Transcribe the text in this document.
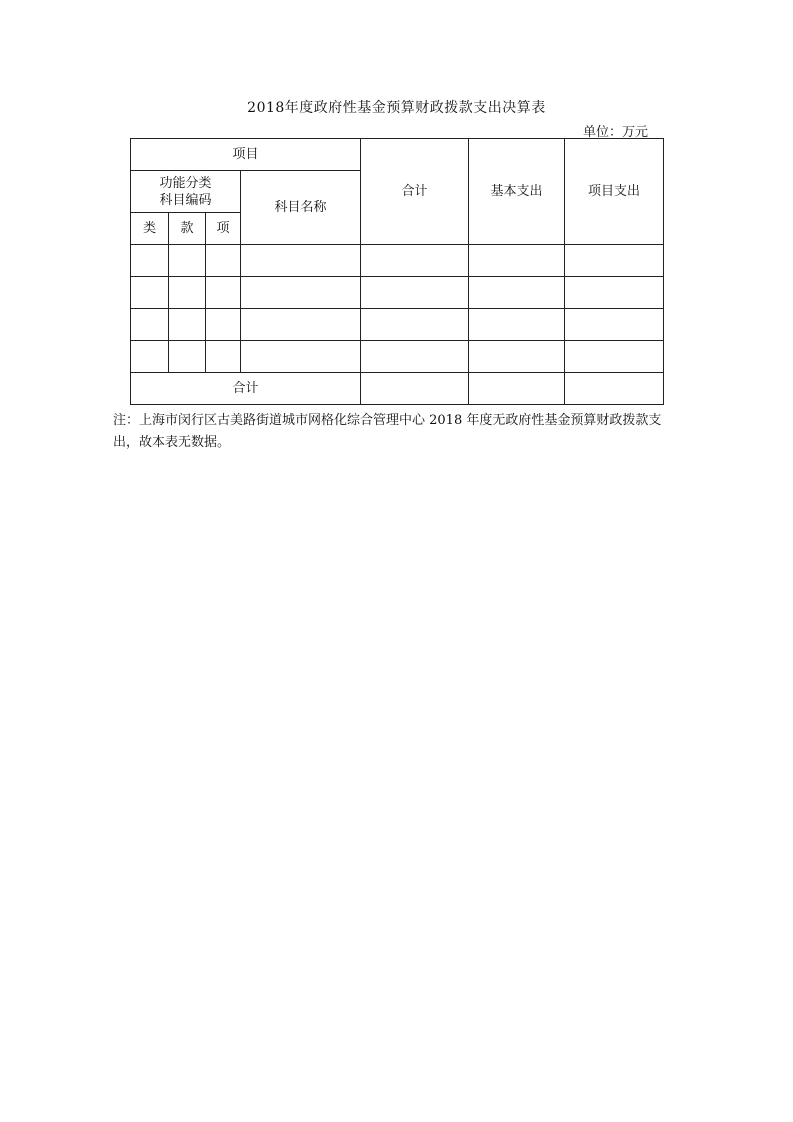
2018年度政府性基金预算财政拨款支出决算表
单位：万元
项目				合计	基本支出	项目支出

功能分类
科目编码			科目名称			
类	款	项				

合计						
注：上海市闵行区古美路街道城市网格化综合管理中心 2018 年度无政府性基金预算财政拨款支出，故本表无数据。
